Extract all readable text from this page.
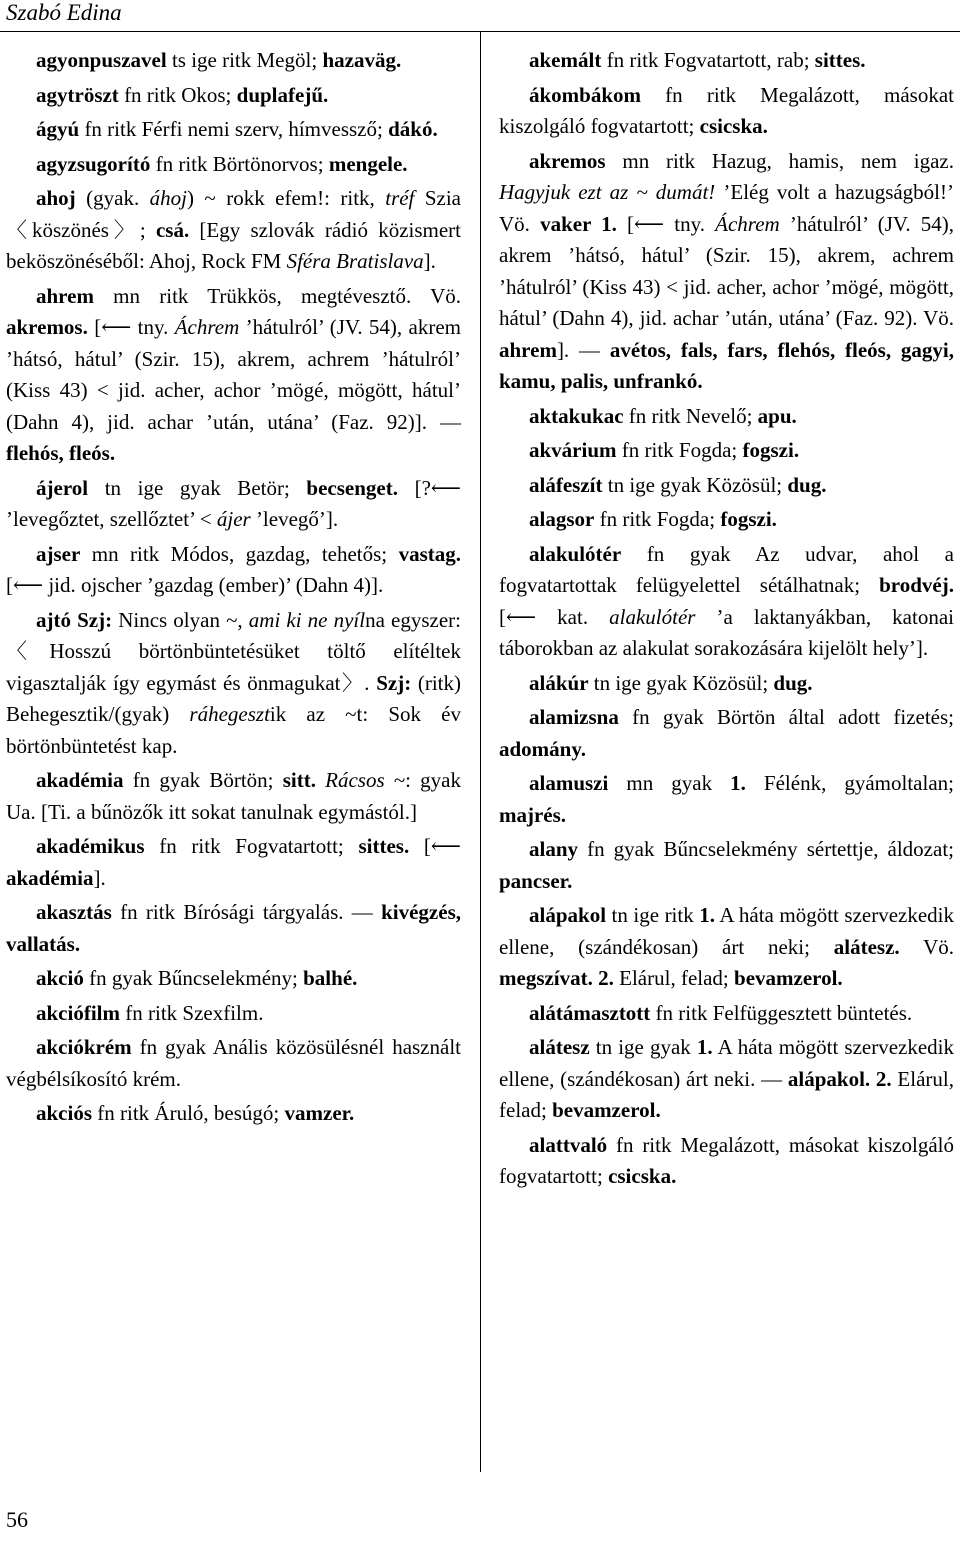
Szabó Edina

agyonpuszavel ts ige ritk Megöl; hazaväg.

agytröszt fn ritk Okos; duplafejű.

ágyú fn ritk Férfi nemi szerv, hímvessző; dákó.

agyzsugorító fn ritk Börtönorvos; mengele.

ahoj (gyak. áhoj) ~ rokk efem!: ritk, tréf Szia 〈köszönés〉; csá. [Egy szlovák rádió közismert beköszönéséből: Ahoj, Rock FM Sféra Bratislava].

ahrem mn ritk Trükkös, megtévesztő. Vö. akremos. [⟵ tny. Áchrem ’hátulról’ (JV. 54), akrem ’hátsó, hátul’ (Szir. 15), akrem, achrem ’hátulról’ (Kiss 43) < jid. acher, achor ’mögé, mögött, hátul’ (Dahn 4), jid. achar ’után, utána’ (Faz. 92)]. — flehós, fleós.

ájerol tn ige gyak Betör; becsenget. [?⟵ ’levegőztet, szellőztet’ < ájer ’levegő’].

ajser mn ritk Módos, gazdag, tehetős; vastag. [⟵ jid. ojscher ’gazdag (ember)’ (Dahn 4)].

ajtó Szj: Nincs olyan ~, ami ki ne nyílna egyszer: 〈Hosszú börtönbüntetésüket töltő elítéltek vigasztalják így egymást és önmagukat〉. Szj: (ritk) Behegesztik/(gyak) ráhegesztik az ~t: Sok év börtönbüntetést kap.

akadémia fn gyak Börtön; sitt. Rácsos ~: gyak Ua. [Ti. a bűnözők itt sokat tanulnak egymástól.]

akadémikus fn ritk Fogvatartott; sittes. [⟵ akadémia].

akasztás fn ritk Bírósági tárgyalás. — kivégzés, vallatás.

akció fn gyak Bűncselekmény; balhé.

akciófilm fn ritk Szexfilm.

akciókrém fn gyak Anális közösülésnél használt végbélsíkosító krém.

akciós fn ritk Áruló, besúgó; vamzer.

akemált fn ritk Fogvatartott, rab; sittes.

ákombákom fn ritk Megalázott, másokat kiszolgáló fogvatartott; csicska.

akremos mn ritk Hazug, hamis, nem igaz. Hagyjuk ezt az ~ dumát! ’Elég volt a hazugságból!’ Vö. vaker 1. [⟵ tny. Áchrem ’hátulról’ (JV. 54), akrem ’hátsó, hátul’ (Szir. 15), akrem, achrem ’hátulról’ (Kiss 43) < jid. acher, achor ’mögé, mögött, hátul’ (Dahn 4), jid. achar ’után, utána’ (Faz. 92). Vö. ahrem]. — avétos, fals, fars, flehós, fleós, gagyi, kamu, palis, unfrankó.

aktakukac fn ritk Nevelő; apu.

akvárium fn ritk Fogda; fogszi.

aláfeszít tn ige gyak Közösül; dug.

alagsor fn ritk Fogda; fogszi.

alakulótér fn gyak Az udvar, ahol a fogvatartottak felügyelettel sétálhatnak; brodvéj. [⟵ kat. alakulótér ’a laktanyákban, katonai táborokban az alakulat sorakozására kijelölt hely’].

alákúr tn ige gyak Közösül; dug.

alamizsna fn gyak Börtön által adott fizetés; adomány.

alamuszi mn gyak 1. Félénk, gyámoltalan; majrés.

alany fn gyak Bűncselekmény sértettje, áldozat; pancser.

alápakol tn ige ritk 1. A háta mögött szervezkedik ellene, (szándékosan) árt neki; alátesz. Vö. megszívat. 2. Elárul, felad; bevamzerol.

alátámasztott fn ritk Felfüggesztett büntetés.

alátesz tn ige gyak 1. A háta mögött szervezkedik ellene, (szándékosan) árt neki. — alápakol. 2. Elárul, felad; bevamzerol.

alattvaló fn ritk Megalázott, másokat kiszolgáló fogvatartott; csicska.

56
